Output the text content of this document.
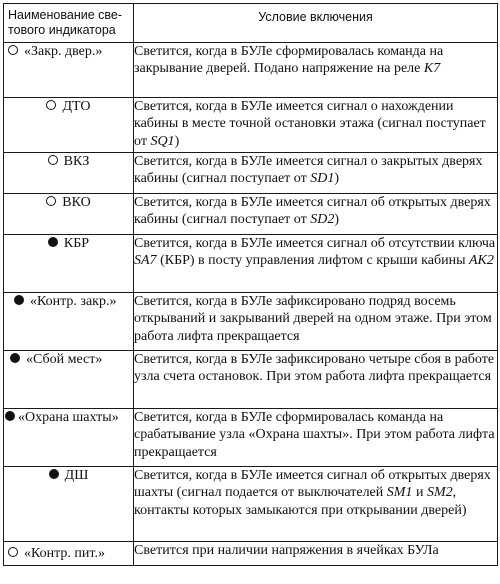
Наименование све-
тового индикатора	Условие включения
«Закр. двер.»	Светится, когда в БУЛе сформировалась команда на закрывание дверей. Подано напряжение на реле K7
ДТО	Светится, когда в БУЛе имеется сигнал о нахождении кабины в месте точной остановки этажа (сигнал поступает от SQ1)
ВКЗ	Светится, когда в БУЛе имеется сигнал о закрытых дверях кабины (сигнал поступает от SD1)
ВКО	Светится, когда в БУЛе имеется сигнал об открытых дверях кабины (сигнал поступает от SD2)
КБР	Светится, когда в БУЛе имеется сигнал об отсутствии ключа SA7 (КБР) в посту управления лифтом с крыши кабины AK2
«Контр. закр.»	Светится, когда в БУЛе зафиксировано подряд восемь открываний и закрываний дверей на одном этаже. При этом работа лифта прекращается
«Сбой мест»	Светится, когда в БУЛе зафиксировано четыре сбоя в работе узла счета остановок. При этом работа лифта прекращается
«Охрана шахты»	Светится, когда в БУЛе сформировалась команда на срабатывание узла «Охрана шахты». При этом работа лифта прекращается
ДШ	Светится, когда в БУЛе имеется сигнал об открытых дверях шахты (сигнал подается от выключателей SM1 и SM2, контакты которых замыкаются при открывании дверей)
«Контр. пит.»	Светится при наличии напряжения в ячейках БУЛа
